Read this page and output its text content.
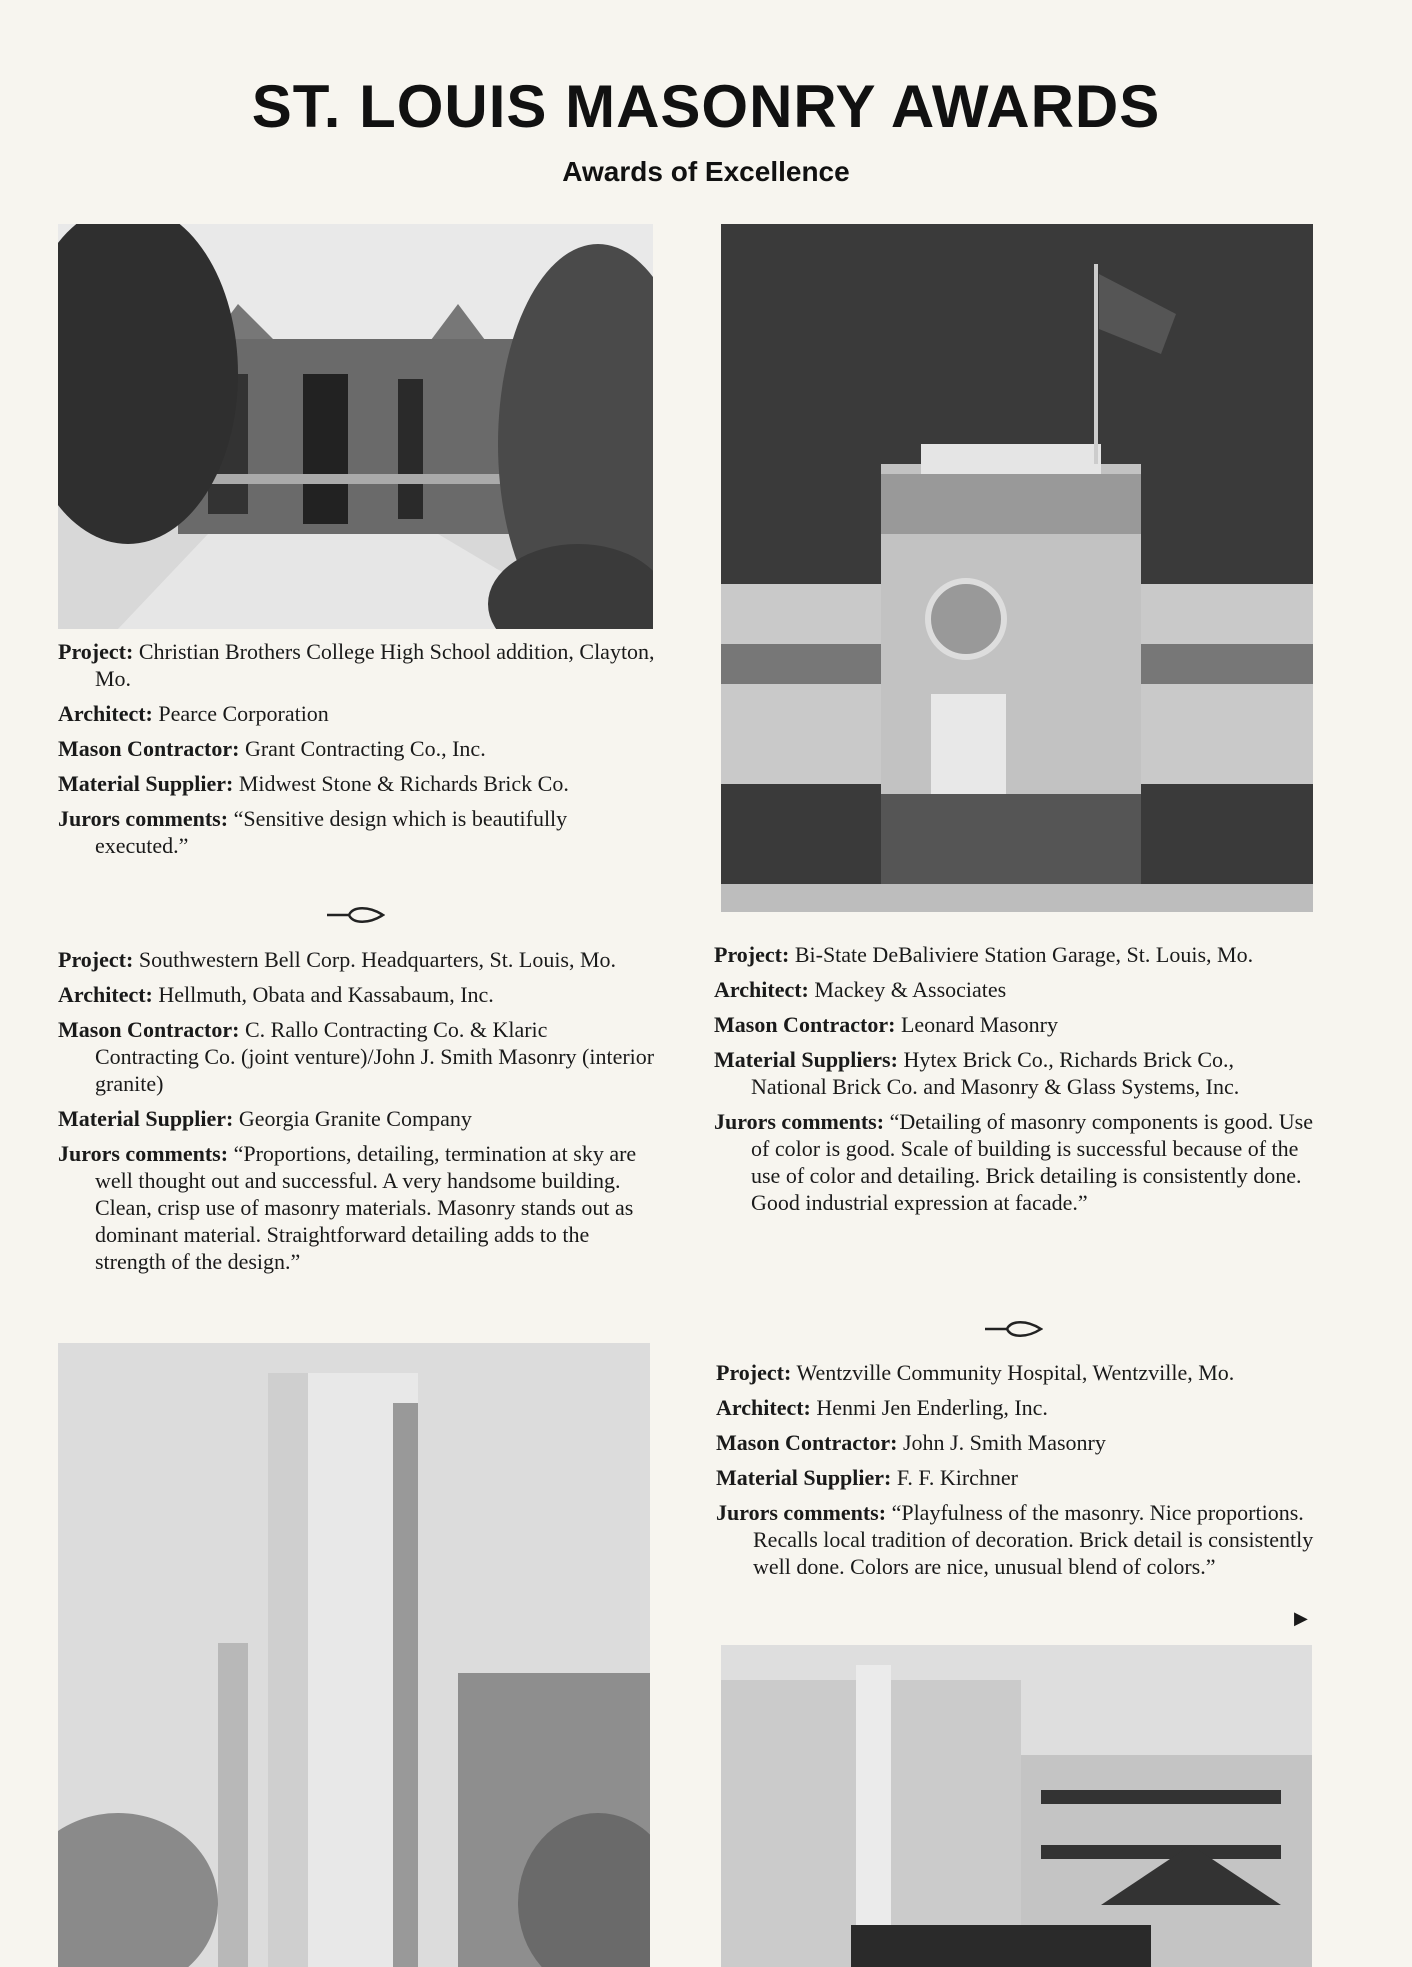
ST. LOUIS MASONRY AWARDS
Awards of Excellence

Project: Christian Brothers College High School addition, Clayton, Mo.

Architect: Pearce Corporation

Mason Contractor: Grant Contracting Co., Inc.

Material Supplier: Midwest Stone & Richards Brick Co.

Jurors comments: “Sensitive design which is beautifully executed.”

Project: Southwestern Bell Corp. Headquarters, St. Louis, Mo.

Architect: Hellmuth, Obata and Kassabaum, Inc.

Mason Contractor: C. Rallo Contracting Co. & Klaric Contracting Co. (joint venture)/John J. Smith Masonry (interior granite)

Material Supplier: Georgia Granite Company

Jurors comments: “Proportions, detailing, termination at sky are well thought out and successful. A very handsome building. Clean, crisp use of masonry materials. Masonry stands out as dominant material. Straightforward detailing adds to the strength of the design.”

Project: Bi-State DeBaliviere Station Garage, St. Louis, Mo.

Architect: Mackey & Associates

Mason Contractor: Leonard Masonry

Material Suppliers: Hytex Brick Co., Richards Brick Co., National Brick Co. and Masonry & Glass Systems, Inc.

Jurors comments: “Detailing of masonry components is good. Use of color is good. Scale of building is successful because of the use of color and detailing. Brick detailing is consistently done. Good industrial expression at facade.”

Project: Wentzville Community Hospital, Wentzville, Mo.

Architect: Henmi Jen Enderling, Inc.

Mason Contractor: John J. Smith Masonry

Material Supplier: F. F. Kirchner

Jurors comments: “Playfulness of the masonry. Nice proportions. Recalls local tradition of decoration. Brick detail is consistently well done. Colors are nice, unusual blend of colors.”

▶
